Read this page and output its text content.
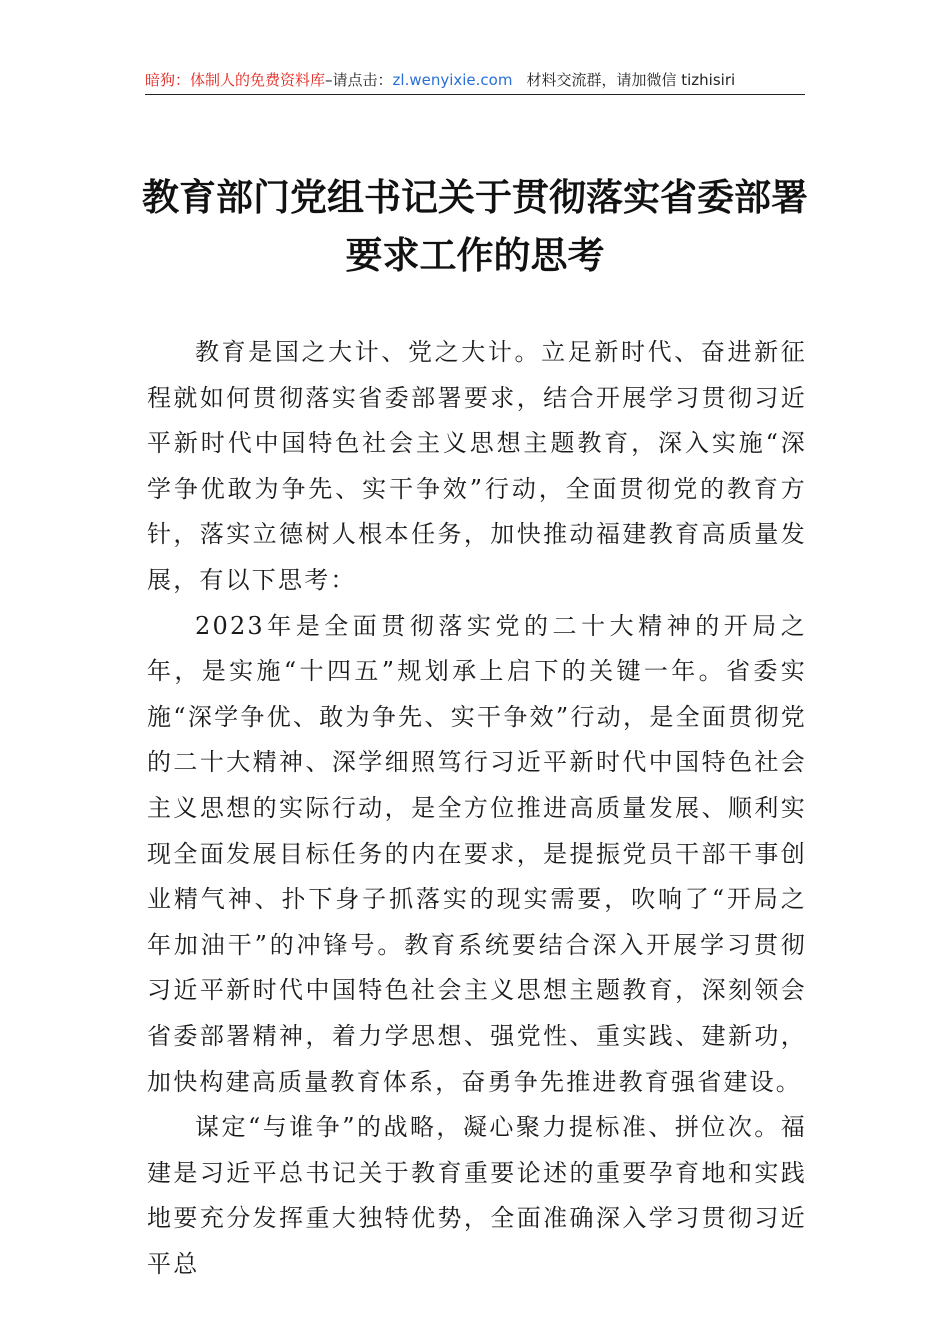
暗狗：体制人的免费资料库–请点击：zl.wenyixie.com 材料交流群，请加微信 tizhisiri
教育部门党组书记关于贯彻落实省委部署
要求工作的思考

教育是国之大计、党之大计。立足新时代、奋进新征程就如何贯彻落实省委部署要求，结合开展学习贯彻习近平新时代中国特色社会主义思想主题教育，深入实施“深学争优敢为争先、实干争效”行动，全面贯彻党的教育方针，落实立德树人根本任务，加快推动福建教育高质量发展，有以下思考：

2023年是全面贯彻落实党的二十大精神的开局之年，是实施“十四五”规划承上启下的关键一年。省委实施“深学争优、敢为争先、实干争效”行动，是全面贯彻党的二十大精神、深学细照笃行习近平新时代中国特色社会主义思想的实际行动，是全方位推进高质量发展、顺利实现全面发展目标任务的内在要求，是提振党员干部干事创业精气神、扑下身子抓落实的现实需要，吹响了“开局之年加油干”的冲锋号。教育系统要结合深入开展学习贯彻习近平新时代中国特色社会主义思想主题教育，深刻领会省委部署精神，着力学思想、强党性、重实践、建新功，加快构建高质量教育体系，奋勇争先推进教育强省建设。

谋定“与谁争”的战略，凝心聚力提标准、拼位次。福建是习近平总书记关于教育重要论述的重要孕育地和实践地要充分发挥重大独特优势，全面准确深入学习贯彻习近平总
